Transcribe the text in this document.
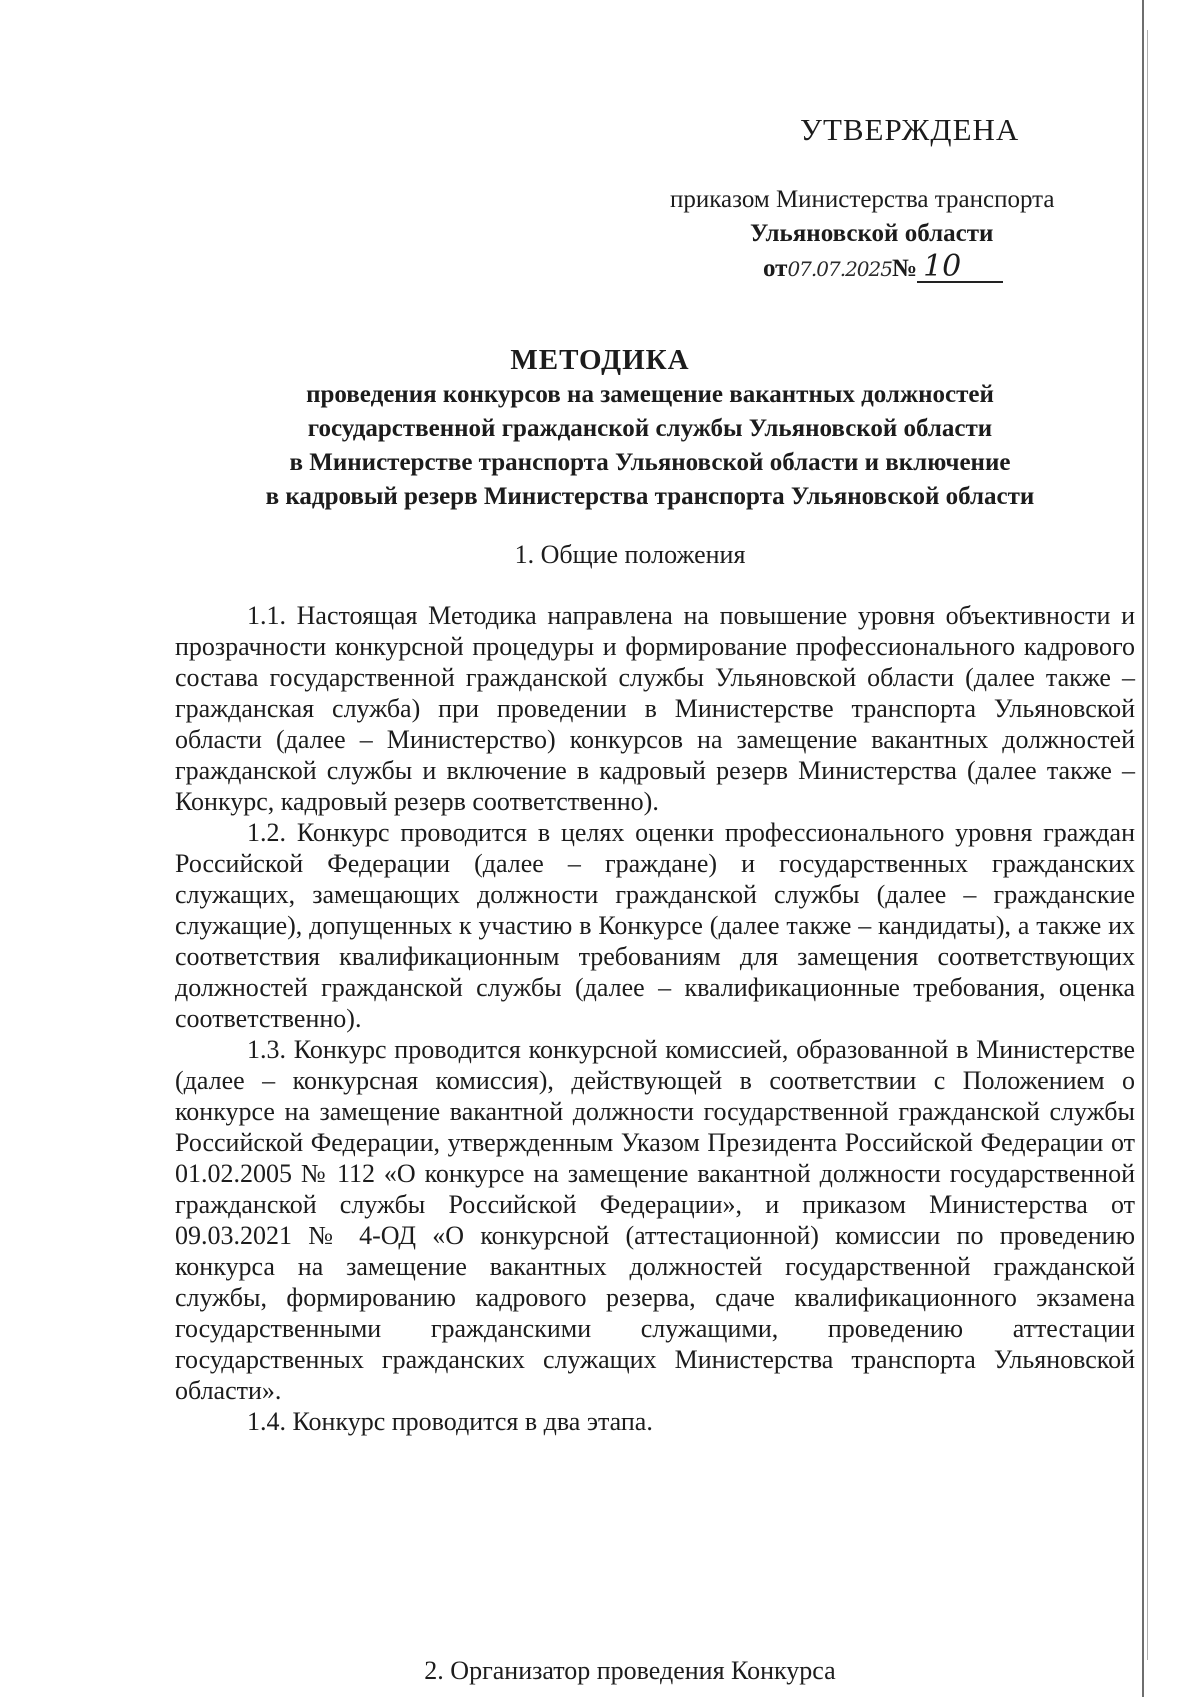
УТВЕРЖДЕНА
приказом Министерства транспорта
Ульяновской области
от07.07.2025№ 10
МЕТОДИКА
проведения конкурсов на замещение вакантных должностей
государственной гражданской службы Ульяновской области
в Министерстве транспорта Ульяновской области и включение
в кадровый резерв Министерства транспорта Ульяновской области
1. Общие положения

1.1. Настоящая Методика направлена на повышение уровня объективности и прозрачности конкурсной процедуры и формирование профессионального кадрового состава государственной гражданской службы Ульяновской области (далее также – гражданская служба) при проведении в Министерстве транспорта Ульяновской области (далее – Министерство) конкурсов на замещение вакантных должностей гражданской службы и включение в кадровый резерв Министерства (далее также – Конкурс, кадровый резерв соответственно).

1.2. Конкурс проводится в целях оценки профессионального уровня граждан Российской Федерации (далее – граждане) и государственных гражданских служащих, замещающих должности гражданской службы (далее – гражданские служащие), допущенных к участию в Конкурсе (далее также – кандидаты), а также их соответствия квалификационным требованиям для замещения соответствующих должностей гражданской службы (далее – квалификационные требования, оценка соответственно).

1.3. Конкурс проводится конкурсной комиссией, образованной в Министерстве (далее – конкурсная комиссия), действующей в соответствии с Положением о конкурсе на замещение вакантной должности государственной гражданской службы Российской Федерации, утвержденным Указом Президента Российской Федерации от 01.02.2005 № 112 «О конкурсе на замещение вакантной должности государственной гражданской службы Российской Федерации», и приказом Министерства от 09.03.2021 № 4-ОД «О конкурсной (аттестационной) комиссии по проведению конкурса на замещение вакантных должностей государственной гражданской службы, формированию кадрового резерва, сдаче квалификационного экзамена государственными гражданскими служащими, проведению аттестации государственных гражданских служащих Министерства транспорта Ульяновской области».

1.4. Конкурс проводится в два этапа.

2. Организатор проведения Конкурса
